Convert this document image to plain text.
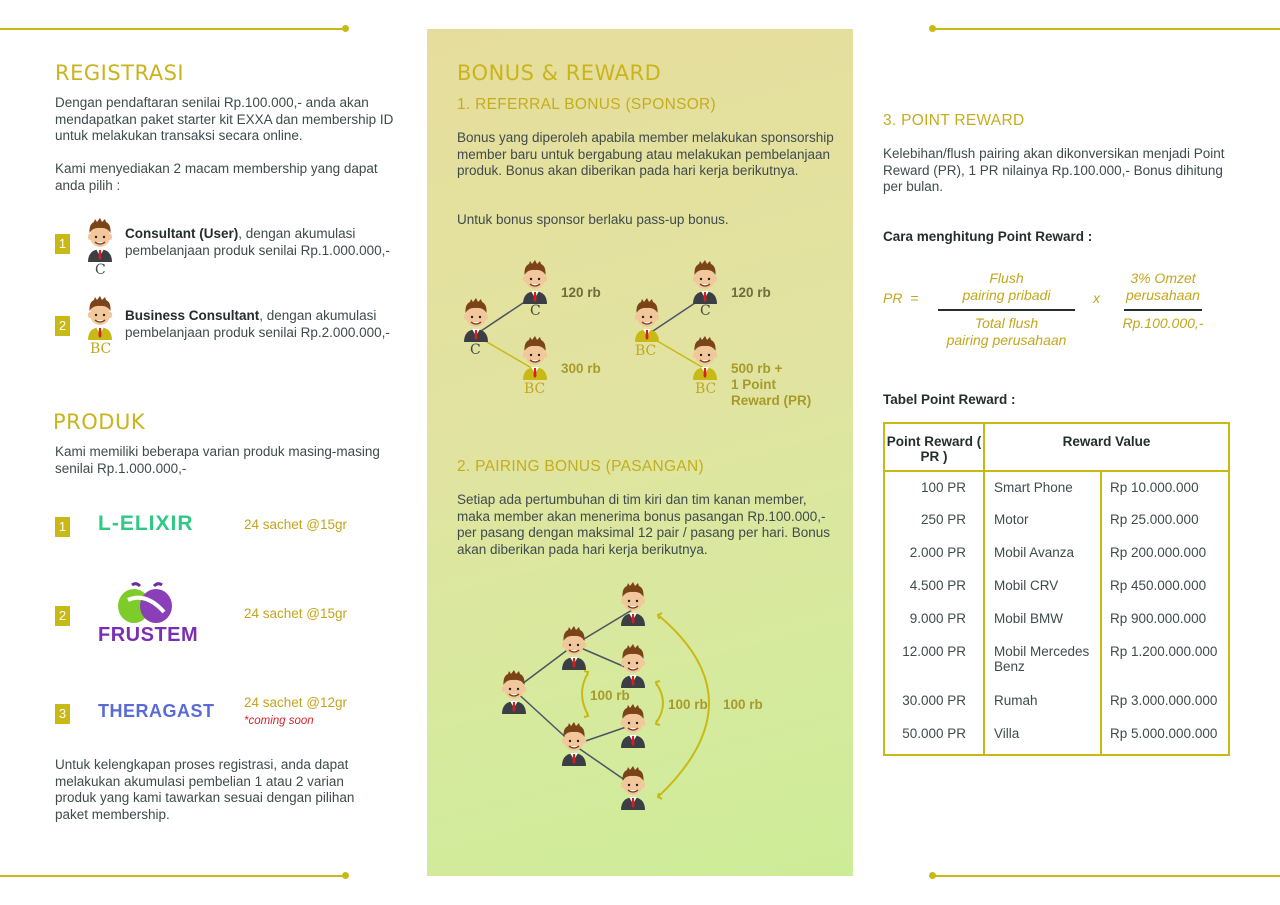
REGISTRASI
Dengan pendaftaran senilai Rp.100.000,- anda akan mendapatkan paket starter kit EXXA dan membership ID untuk melakukan transaksi secara online.
Kami menyediakan 2 macam membership yang dapat anda pilih :
1
C
Consultant (User), dengan akumulasi pembelanjaan produk senilai Rp.1.000.000,-
2
BC
Business Consultant, dengan akumulasi pembelanjaan produk senilai Rp.2.000.000,-
PRODUK
Kami memiliki beberapa varian produk masing-masing senilai Rp.1.000.000,-
1 L-ELIXIR	24 sachet @15gr
2
FRUSTEM
24 sachet @15gr
3 THERAGAST 24 sachet @12gr
*coming soon
Untuk kelengkapan proses registrasi, anda dapat melakukan akumulasi pembelian 1 atau 2 varian produk yang kami tawarkan sesuai dengan pilihan paket membership.
BONUS & REWARD
1. REFERRAL BONUS (SPONSOR)
Bonus yang diperoleh apabila member melakukan sponsorship member baru untuk bergabung atau melakukan pembelanjaan produk. Bonus akan diberikan pada hari kerja berikutnya.
Untuk bonus sponsor berlaku pass-up bonus.
C
C
120 rb
BC
300 rb
BC
C
120 rb
BC
500 rb +
1 Point
Reward (PR)
2. PAIRING BONUS (PASANGAN)
Setiap ada pertumbuhan di tim kiri dan tim kanan member, maka member akan menerima bonus pasangan Rp.100.000,- per pasang dengan maksimal 12 pair / pasang per hari. Bonus akan diberikan pada hari kerja berikutnya.
100 rb
100 rb 100 rb
3. POINT REWARD
Kelebihan/flush pairing akan dikonversikan menjadi Point Reward (PR), 1 PR nilainya Rp.100.000,- Bonus dihitung per bulan.
Cara menghitung Point Reward :
PR  =
Flush
pairing pribadi
Total flush
pairing perusahaan
x
3% Omzet
perusahaan
Rp.100.000,-
Tabel Point Reward :
Point Reward ( PR )	Reward Value	
100 PR	Smart Phone	Rp 10.000.000
250 PR	Motor	Rp 25.000.000
2.000 PR	Mobil Avanza	Rp 200.000.000
4.500 PR	Mobil CRV	Rp 450.000.000
9.000 PR	Mobil BMW	Rp 900.000.000
12.000 PR	Mobil Mercedes Benz	Rp 1.200.000.000
30.000 PR	Rumah	Rp 3.000.000.000
50.000 PR	Villa	Rp 5.000.000.000
